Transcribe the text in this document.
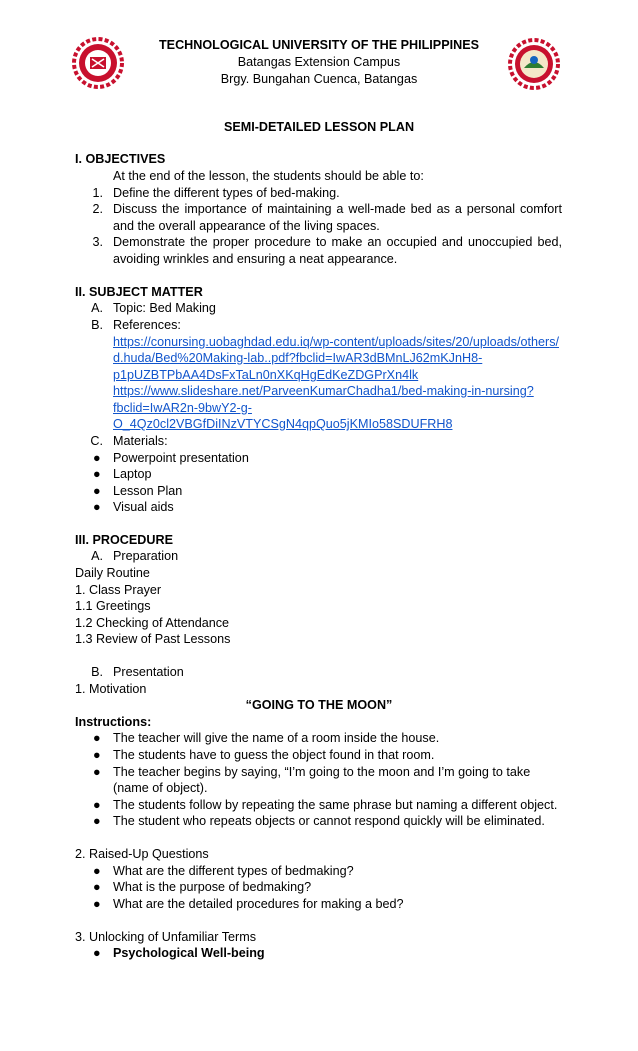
TECHNOLOGICAL UNIVERSITY OF THE PHILIPPINES
Batangas Extension Campus
Brgy. Bungahan Cuenca, Batangas
SEMI-DETAILED LESSON PLAN
I. OBJECTIVES
At the end of the lesson, the students should be able to:
1. Define the different types of bed-making.
2. Discuss the importance of maintaining a well-made bed as a personal comfort and the overall appearance of the living spaces.
3. Demonstrate the proper procedure to make an occupied and unoccupied bed, avoiding wrinkles and ensuring a neat appearance.
II. SUBJECT MATTER
A. Topic: Bed Making
B. References:
https://conursing.uobaghdad.edu.iq/wp-content/uploads/sites/20/uploads/others/
d.huda/Bed%20Making-lab..pdf?fbclid=IwAR3dBMnLJ62mKJnH8-
p1pUZBTPbAA4DsFxTaLn0nXKqHgEdKeZDGPrXn4lk
https://www.slideshare.net/ParveenKumarChadha1/bed-making-in-nursing?
fbclid=IwAR2n-9bwY2-g-
O_4Qz0cl2VBGfDiINzVTYCSgN4qpQuo5jKMIo58SDUFRH8
C. Materials:
● Powerpoint presentation
● Laptop
● Lesson Plan
● Visual aids
III. PROCEDURE
A. Preparation
Daily Routine
1. Class Prayer
1.1 Greetings
1.2 Checking of Attendance
1.3 Review of Past Lessons
B. Presentation
1. Motivation
“GOING TO THE MOON”
Instructions:
● The teacher will give the name of a room inside the house.
● The students have to guess the object found in that room.
● The teacher begins by saying, “I’m going to the moon and I’m going to take
(name of object).
● The students follow by repeating the same phrase but naming a different object.
● The student who repeats objects or cannot respond quickly will be eliminated.
2. Raised-Up Questions
● What are the different types of bedmaking?
● What is the purpose of bedmaking?
● What are the detailed procedures for making a bed?
3. Unlocking of Unfamiliar Terms
● Psychological Well-being
